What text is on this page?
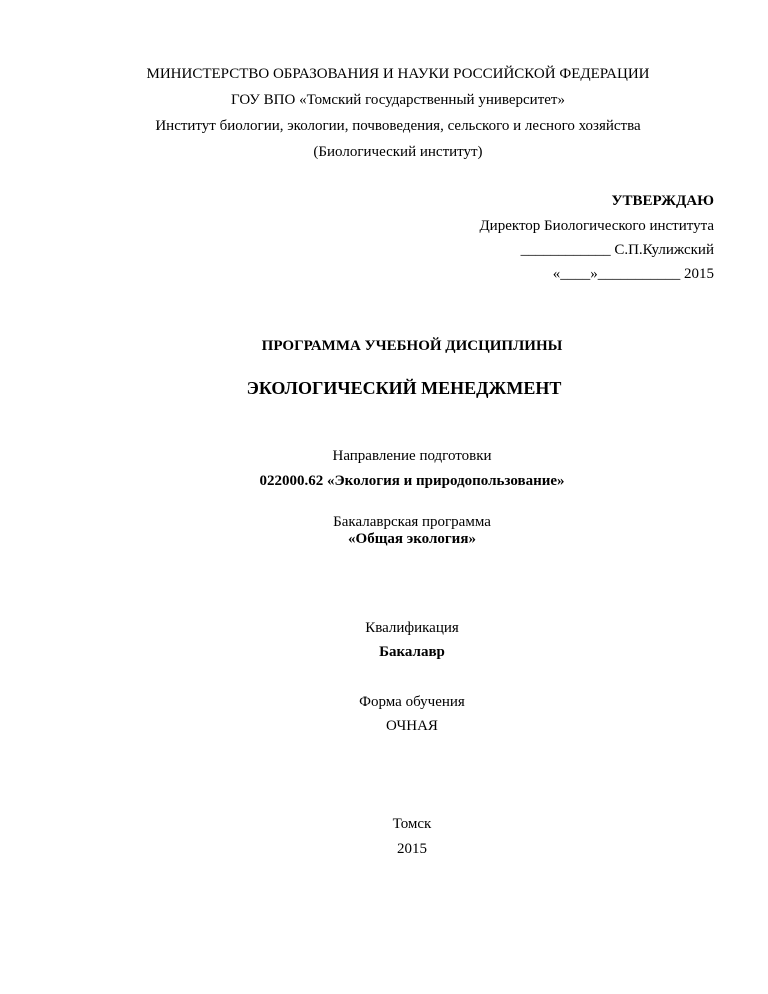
МИНИСТЕРСТВО ОБРАЗОВАНИЯ И НАУКИ РОССИЙСКОЙ ФЕДЕРАЦИИ
ГОУ ВПО «Томский государственный университет»
Институт биологии, экологии, почвоведения, сельского и лесного хозяйства
(Биологический институт)
УТВЕРЖДАЮ
Директор Биологического института
____________ С.П.Кулижский
«____»___________ 2015
ПРОГРАММА УЧЕБНОЙ ДИСЦИПЛИНЫ
ЭКОЛОГИЧЕСКИЙ МЕНЕДЖМЕНТ
Направление подготовки
022000.62 «Экология и природопользование»
Бакалаврская программа
«Общая экология»
Квалификация
Бакалавр
Форма обучения
ОЧНАЯ
Томск
2015
